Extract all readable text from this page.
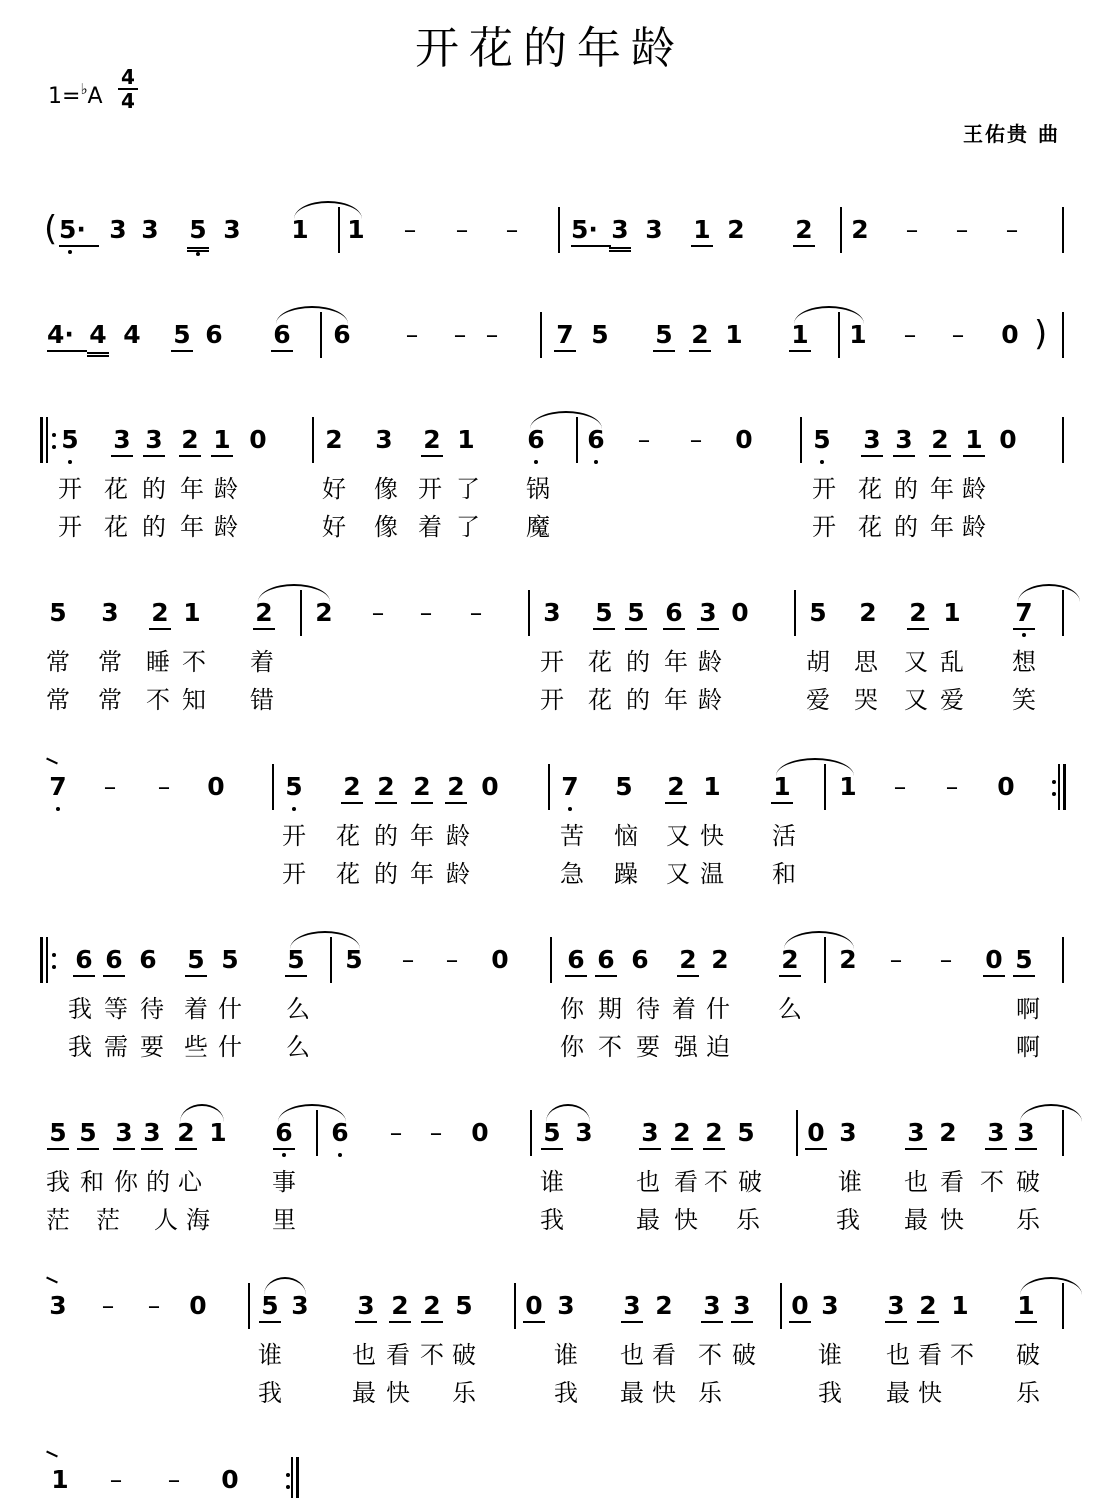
开花的年龄
1=♭A
4
4
王佑贵 曲
5· 3 3 5 3 1 1 – – – 5· 3 3 1 2 2 2 – – –
(
4· 4 4 5 6 6 6 – – – 7 5 5 2 1 1 1 – – 0 )
5 3 3 2 1 0 2 3 2 1 6 6 – – 0 5 3 3 2 1 0
开 花 的 年 龄	好 像 开 了 锅	开 花 的 年 龄
开 花 的 年 龄	好 像 着 了 魔	开 花 的 年 龄
5 3 2 1 2 2 – – – 3 5 5 6 3 0 5 2 2 1 7
常 常 睡 不 着	开 花 的 年 龄	胡 思 又 乱 想
常 常 不 知 错	开 花 的 年 龄	爱 哭 又 爱 笑
7 – – 0 5 2 2 2 2 0	7 5 2 1 1 1 – – 0
开 花 的 年 龄	苦 恼 又 快 活
开 花 的 年 龄	急 躁 又 温 和
6 6 6 5 5 5 5 – – 0 6 6 6 2 2 2 2 – – 0 5
我 等 待 着 什 么	你 期 待 着 什 么	啊
我 需 要 些 什 么	你 不 要 强 迫	啊
5 5 3 3 2 1 6 6 – – 0 5 3 3 2 2 5 0 3 3 2 3 3
我 和 你 的 心	事	谁	也 看 不 破	谁 也 看 不 破
茫 茫 人 海	里	我	最 快 乐	我 最 快 乐
3 – – 0 5 3 3 2 2 5 0 3 3 2 3 3 0 3 3 2 1 1
谁	也 看 不 破	谁 也 看 不 破	谁 也 看 不 破
我	最 快 乐	我 最 快 乐	我 最 快	乐
1 – – 0
